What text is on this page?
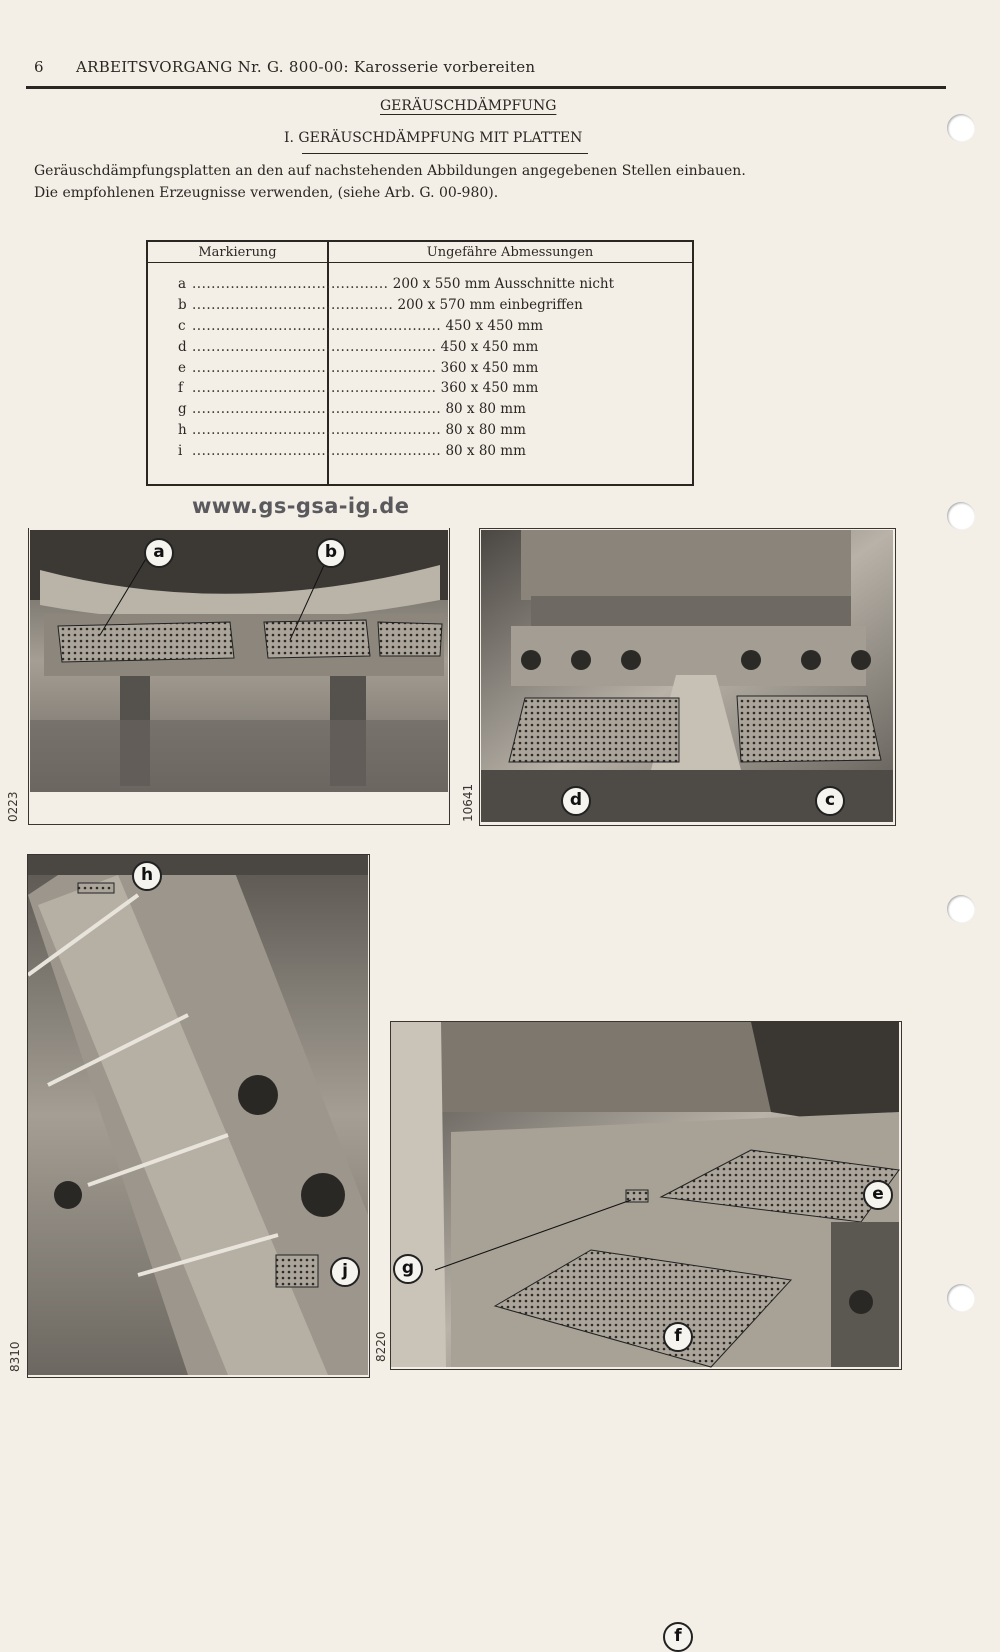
6 ARBEITSVORGANG Nr. G. 800-00: Karosserie vorbereiten
GERÄUSCHDÄMPFUNG
I. GERÄUSCHDÄMPFUNG MIT PLATTEN
Geräuschdämpfungsplatten an den auf nachstehenden Abbildungen angegebenen Stellen einbauen.
Die empfohlenen Erzeugnisse verwenden, (siehe Arb. G. 00-980).
Markierung	Ungefähre Abmessungen
a ......................................... 200 x 550 mm Ausschnitte nicht
b .......................................... 200 x 570 mm einbegriffen
c .................................................... 450 x 450 mm
d ................................................... 450 x 450 mm
e ................................................... 360 x 450 mm
f ................................................... 360 x 450 mm
g .................................................... 80 x 80 mm
h .................................................... 80 x 80 mm
i .................................................... 80 x 80 mm
www.gs-gsa-ig.de
a	b
0223	d	c
10641
h
j
8310
e
g
f
f
8220
